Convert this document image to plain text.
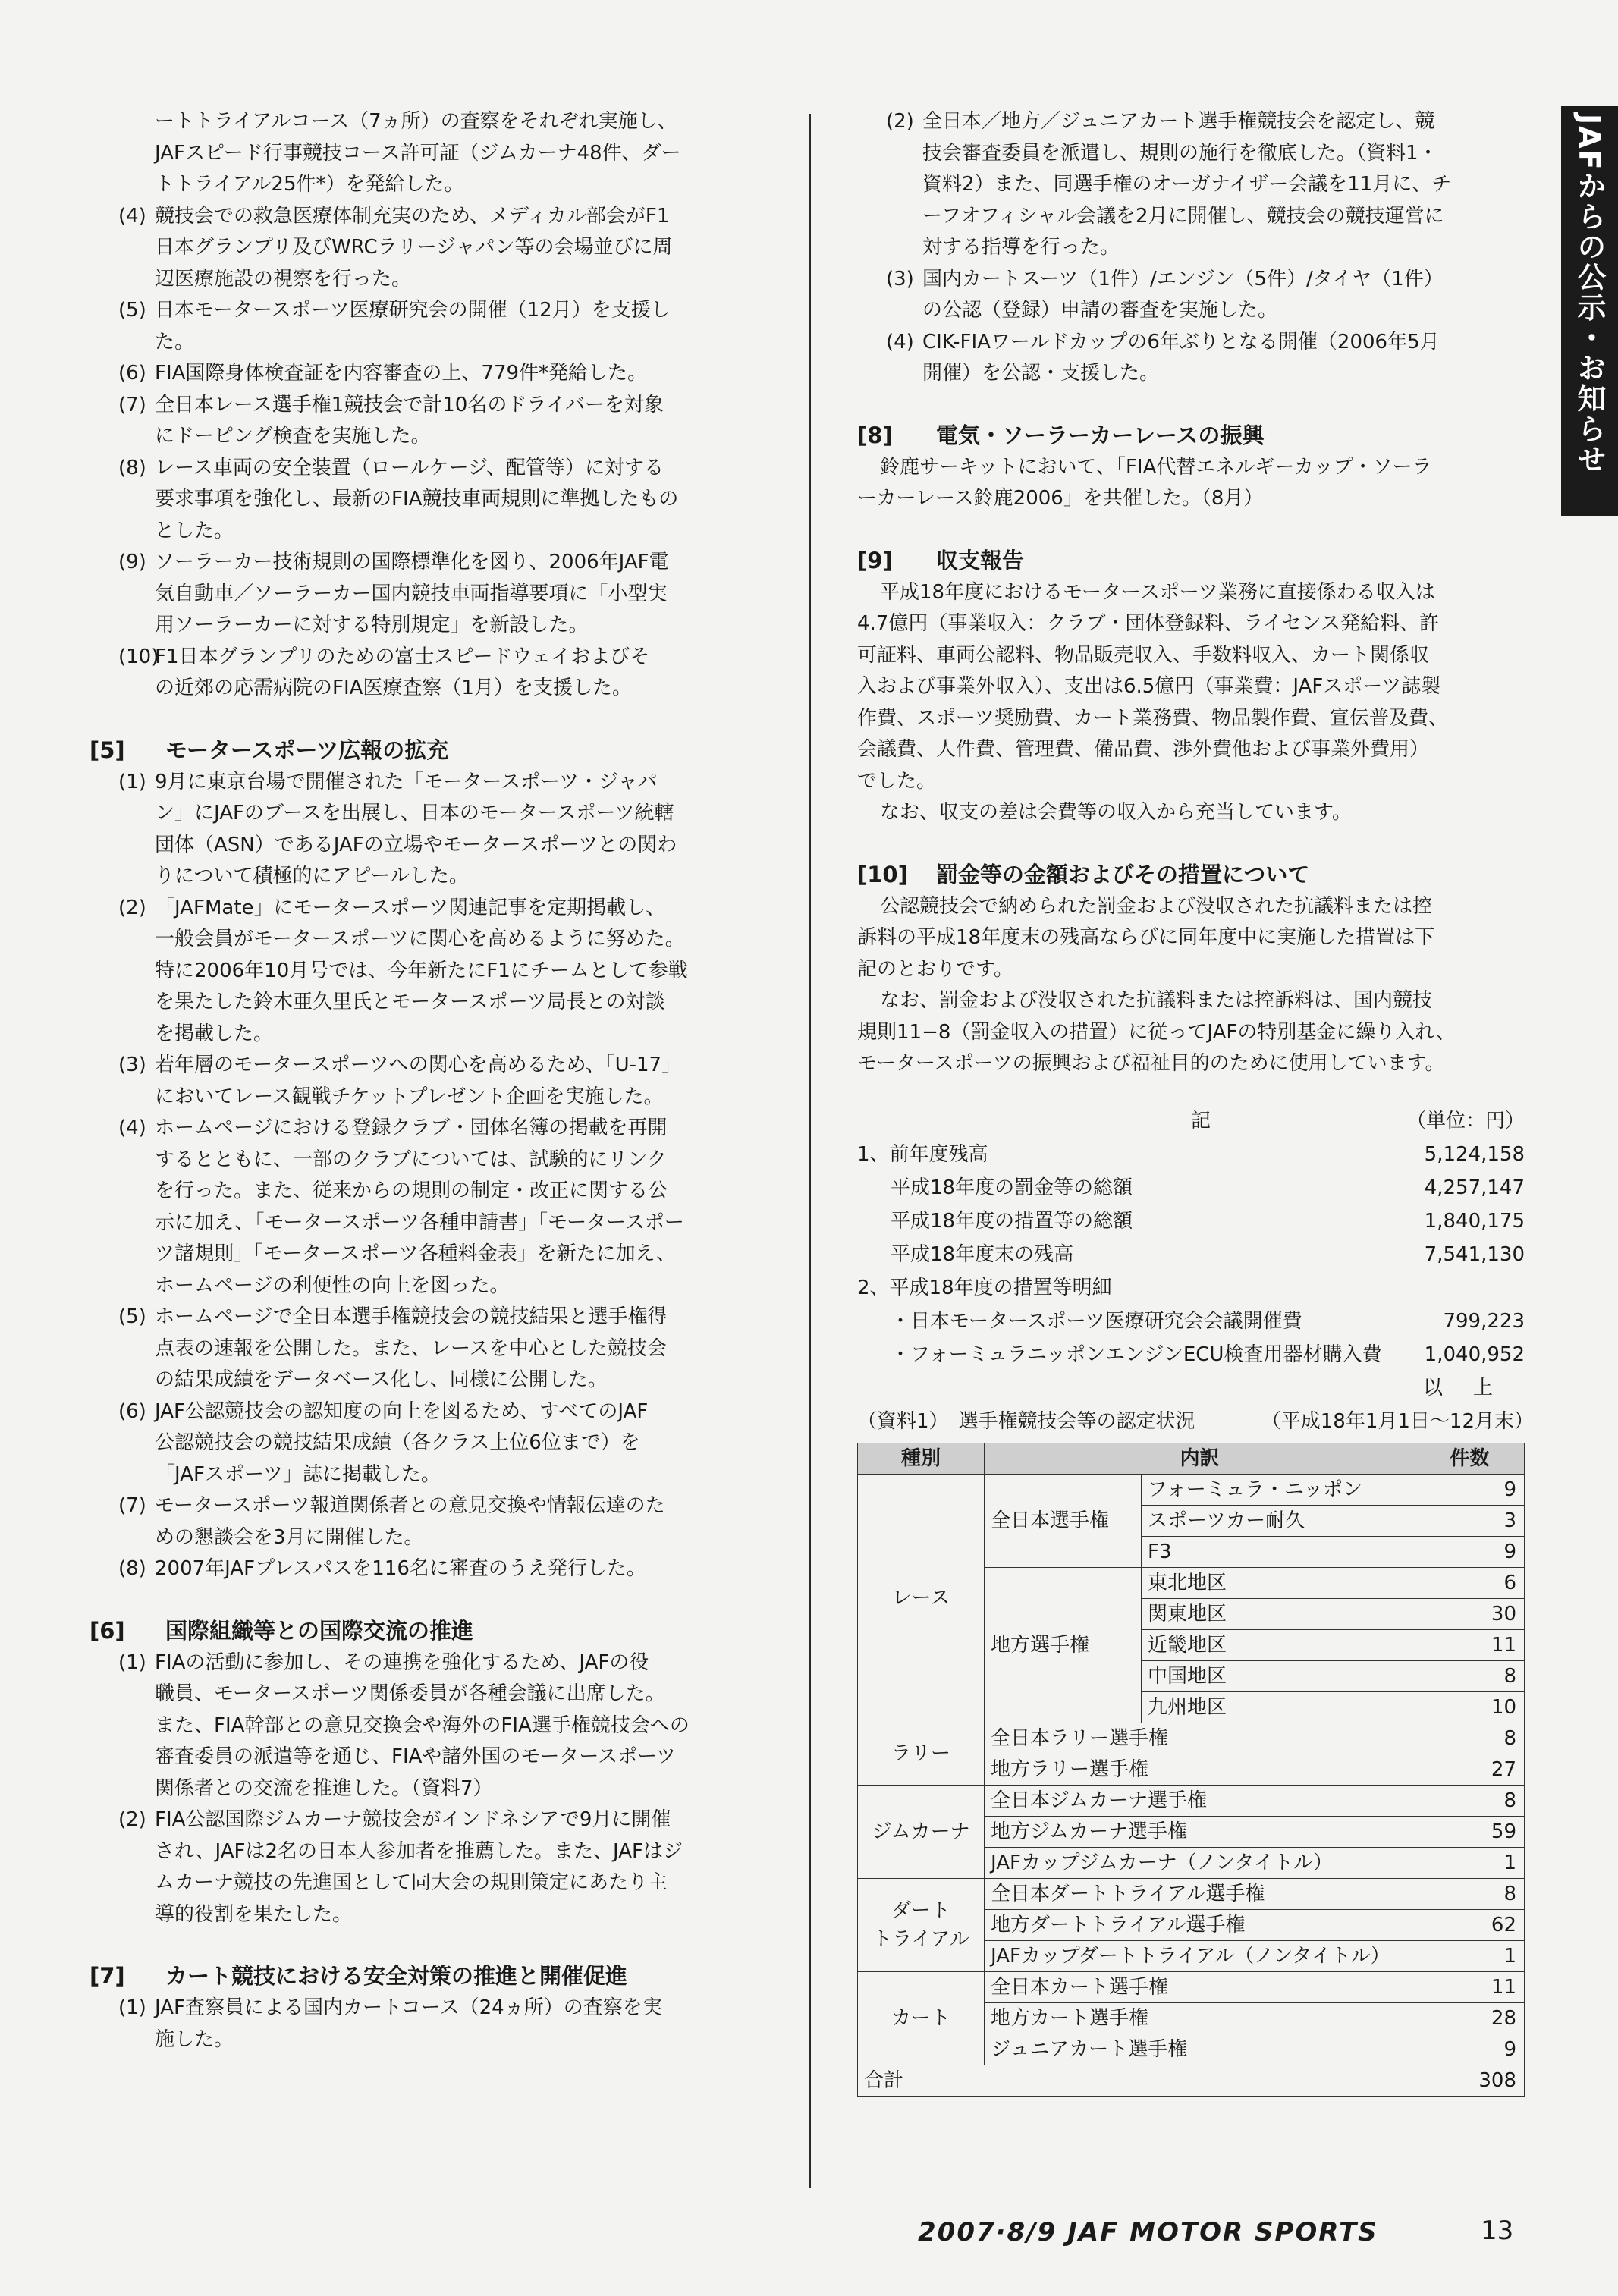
JAFからの公示・お知らせ
ートトライアルコース（7ヵ所）の査察をそれぞれ実施し、
JAFスピード行事競技コース許可証（ジムカーナ48件、ダー
トトライアル25件*）を発給した。
(4) 競技会での救急医療体制充実のため、メディカル部会がF1
日本グランプリ及びWRCラリージャパン等の会場並びに周
辺医療施設の視察を行った。
(5) 日本モータースポーツ医療研究会の開催（12月）を支援し
た。
(6) FIA国際身体検査証を内容審査の上、779件*発給した。
(7) 全日本レース選手権1競技会で計10名のドライバーを対象
にドーピング検査を実施した。
(8) レース車両の安全装置（ロールケージ、配管等）に対する
要求事項を強化し、最新のFIA競技車両規則に準拠したもの
とした。
(9) ソーラーカー技術規則の国際標準化を図り、2006年JAF電
気自動車／ソーラーカー国内競技車両指導要項に「小型実
用ソーラーカーに対する特別規定」を新設した。
(10)
F1日本グランプリのための富士スピードウェイおよびそ
の近郊の応需病院のFIA医療査察（1月）を支援した。
[5] モータースポーツ広報の拡充
(1) 9月に東京台場で開催された「モータースポーツ・ジャパ
ン」にJAFのブースを出展し、日本のモータースポーツ統轄
団体（ASN）であるJAFの立場やモータースポーツとの関わ
りについて積極的にアピールした。
(2) 「JAFMate」にモータースポーツ関連記事を定期掲載し、
一般会員がモータースポーツに関心を高めるように努めた。
特に2006年10月号では、今年新たにF1にチームとして参戦
を果たした鈴木亜久里氏とモータースポーツ局長との対談
を掲載した。
(3) 若年層のモータースポーツへの関心を高めるため、「U-17」
においてレース観戦チケットプレゼント企画を実施した。
(4) ホームページにおける登録クラブ・団体名簿の掲載を再開
するとともに、一部のクラブについては、試験的にリンク
を行った。また、従来からの規則の制定・改正に関する公
示に加え、「モータースポーツ各種申請書」「モータースポー
ツ諸規則」「モータースポーツ各種料金表」を新たに加え、
ホームページの利便性の向上を図った。
(5) ホームページで全日本選手権競技会の競技結果と選手権得
点表の速報を公開した。また、レースを中心とした競技会
の結果成績をデータベース化し、同様に公開した。
(6) JAF公認競技会の認知度の向上を図るため、すべてのJAF
公認競技会の競技結果成績（各クラス上位6位まで）を
「JAFスポーツ」誌に掲載した。
(7) モータースポーツ報道関係者との意見交換や情報伝達のた
めの懇談会を3月に開催した。
(8) 2007年JAFプレスパスを116名に審査のうえ発行した。
[6] 国際組織等との国際交流の推進
(1) FIAの活動に参加し、その連携を強化するため、JAFの役
職員、モータースポーツ関係委員が各種会議に出席した。
また、FIA幹部との意見交換会や海外のFIA選手権競技会への
審査委員の派遣等を通じ、FIAや諸外国のモータースポーツ
関係者との交流を推進した。（資料7）
(2) FIA公認国際ジムカーナ競技会がインドネシアで9月に開催
され、JAFは2名の日本人参加者を推薦した。また、JAFはジ
ムカーナ競技の先進国として同大会の規則策定にあたり主
導的役割を果たした。
[7] カート競技における安全対策の推進と開催促進
(1) JAF査察員による国内カートコース（24ヵ所）の査察を実
施した。
(2) 全日本／地方／ジュニアカート選手権競技会を認定し、競
技会審査委員を派遣し、規則の施行を徹底した。（資料1・
資料2）また、同選手権のオーガナイザー会議を11月に、チ
ーフオフィシャル会議を2月に開催し、競技会の競技運営に
対する指導を行った。
(3) 国内カートスーツ（1件）/エンジン（5件）/タイヤ（1件）
の公認（登録）申請の審査を実施した。
(4) CIK-FIAワールドカップの6年ぶりとなる開催（2006年5月
開催）を公認・支援した。
[8] 電気・ソーラーカーレースの振興
鈴鹿サーキットにおいて、「FIA代替エネルギーカップ・ソーラ
ーカーレース鈴鹿2006」を共催した。（8月）
[9] 収支報告
平成18年度におけるモータースポーツ業務に直接係わる収入は
4.7億円（事業収入：クラブ・団体登録料、ライセンス発給料、許
可証料、車両公認料、物品販売収入、手数料収入、カート関係収
入および事業外収入）、支出は6.5億円（事業費：JAFスポーツ誌製
作費、スポーツ奨励費、カート業務費、物品製作費、宣伝普及費、
会議費、人件費、管理費、備品費、渉外費他および事業外費用）
でした。
なお、収支の差は会費等の収入から充当しています。
[10] 罰金等の金額およびその措置について
公認競技会で納められた罰金および没収された抗議料または控
訴料の平成18年度末の残高ならびに同年度中に実施した措置は下
記のとおりです。
なお、罰金および没収された抗議料または控訴料は、国内競技
規則11−8（罰金収入の措置）に従ってJAFの特別基金に繰り入れ、
モータースポーツの振興および福祉目的のために使用しています。
記	（単位：円）
1、前年度残高	5,124,158
平成18年度の罰金等の総額	4,257,147
平成18年度の措置等の総額	1,840,175
平成18年度末の残高	7,541,130
2、平成18年度の措置等明細
・日本モータースポーツ医療研究会会議開催費	799,223
・フォーミュラニッポンエンジンECU検査用器材購入費 1,040,952
以上
（資料1）　選手権競技会等の認定状況	（平成18年1月1日〜12月末）
種別	内訳		件数
レース	全日本選手権	フォーミュラ・ニッポン	9
		スポーツカー耐久	3
		F3	9
	地方選手権	東北地区	6
		関東地区	30
		近畿地区	11
		中国地区	8
		九州地区	10
ラリー	全日本ラリー選手権		8
	地方ラリー選手権		27
ジムカーナ	全日本ジムカーナ選手権		8
	地方ジムカーナ選手権		59
	JAFカップジムカーナ（ノンタイトル）		1
ダート
トライアル	全日本ダートトライアル選手権		8
	地方ダートトライアル選手権		62
	JAFカップダートトライアル（ノンタイトル）		1
カート	全日本カート選手権		11
	地方カート選手権		28
	ジュニアカート選手権		9
合計			308
2007·8/9 JAF MOTOR SPORTS	13
